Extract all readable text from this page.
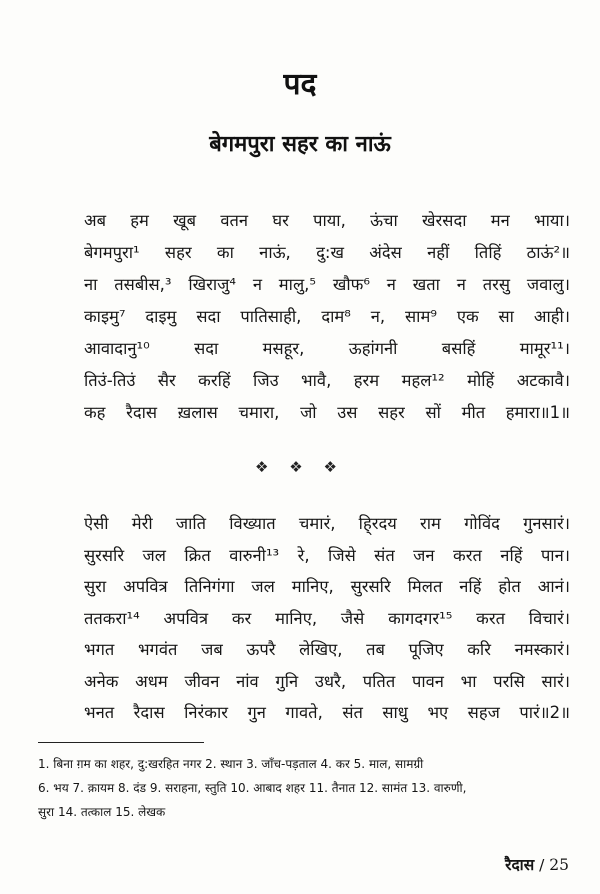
पद
बेगमपुरा सहर का नाऊं
अब हम खूब वतन घर पाया, ऊंचा खेरसदा मन भाया।
बेगमपुरा¹ सहर का नाऊं, दु:ख अंदेस नहीं तिहिं ठाऊं²॥
ना तसबीस,³ खिराजु⁴ न मालु,⁵ खौफ⁶ न खता न तरसु जवालु।
काइमु⁷ दाइमु सदा पातिसाही, दाम⁸ न, साम⁹ एक सा आही।
आवादानु¹⁰ सदा मसहूर, ऊहांगनी बसहिं मामूर¹¹।
तिउं-तिउं सैर करहिं जिउ भावै, हरम महल¹² मोहिं अटकावै।
कह रैदास ख़लास चमारा, जो उस सहर सों मीत हमारा॥1॥
❖ ❖ ❖
ऐसी मेरी जाति विख्यात चमारं, हि्रदय राम गोविंद गुनसारं।
सुरसरि जल क्रित वारुनी¹³ रे, जिसे संत जन करत नहिं पान।
सुरा अपवित्र तिनिगंगा जल मानिए, सुरसरि मिलत नहिं होत आनं।
ततकरा¹⁴ अपवित्र कर मानिए, जैसे कागदगर¹⁵ करत विचारं।
भगत भगवंत जब ऊपरै लेखिए, तब पूजिए करि नमस्कारं।
अनेक अधम जीवन नांव गुनि उधरै, पतित पावन भा परसि सारं।
भनत रैदास निरंकार गुन गावते, संत साधु भए सहज पारं॥2॥
1. बिना ग़म का शहर, दु:खरहित नगर 2. स्थान 3. जाँच-पड़ताल 4. कर 5. माल, सामग्री
6. भय 7. क़ायम 8. दंड 9. सराहना, स्तुति 10. आबाद शहर 11. तैनात 12. सामंत 13. वारुणी,
सुरा 14. तत्काल 15. लेखक
रैदास / 25
